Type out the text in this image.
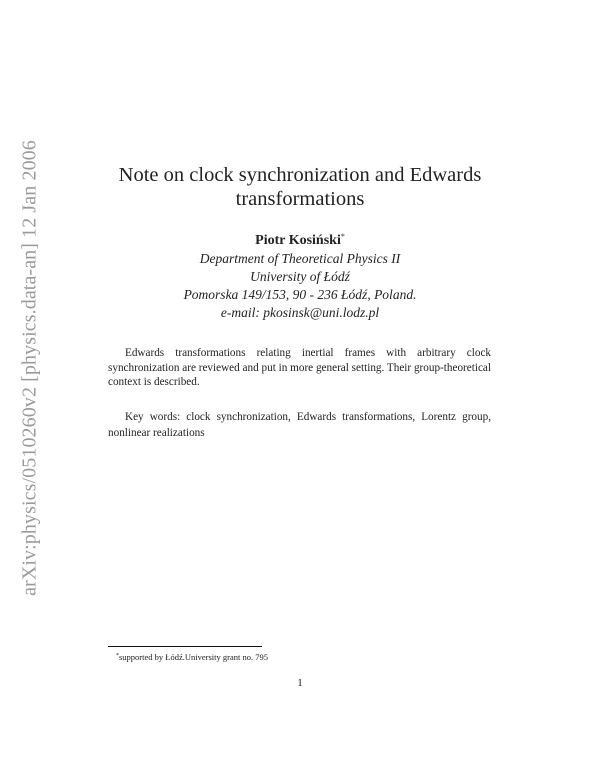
arXiv:physics/0510260v2 [physics.data-an] 12 Jan 2006	Note on clock synchronization and Edwards
transformations
Piotr Kosiński*
Department of Theoretical Physics II
University of Łódź
Pomorska 149/153, 90 - 236 Łódź, Poland.
e-mail: pkosinsk@uni.lodz.pl

Edwards transformations relating inertial frames with arbitrary clock synchronization are reviewed and put in more general setting. Their group-theoretical context is described.

Key words: clock synchronization, Edwards transformations, Lorentz group, nonlinear realizations

*supported by Łódź.University grant no. 795
1
